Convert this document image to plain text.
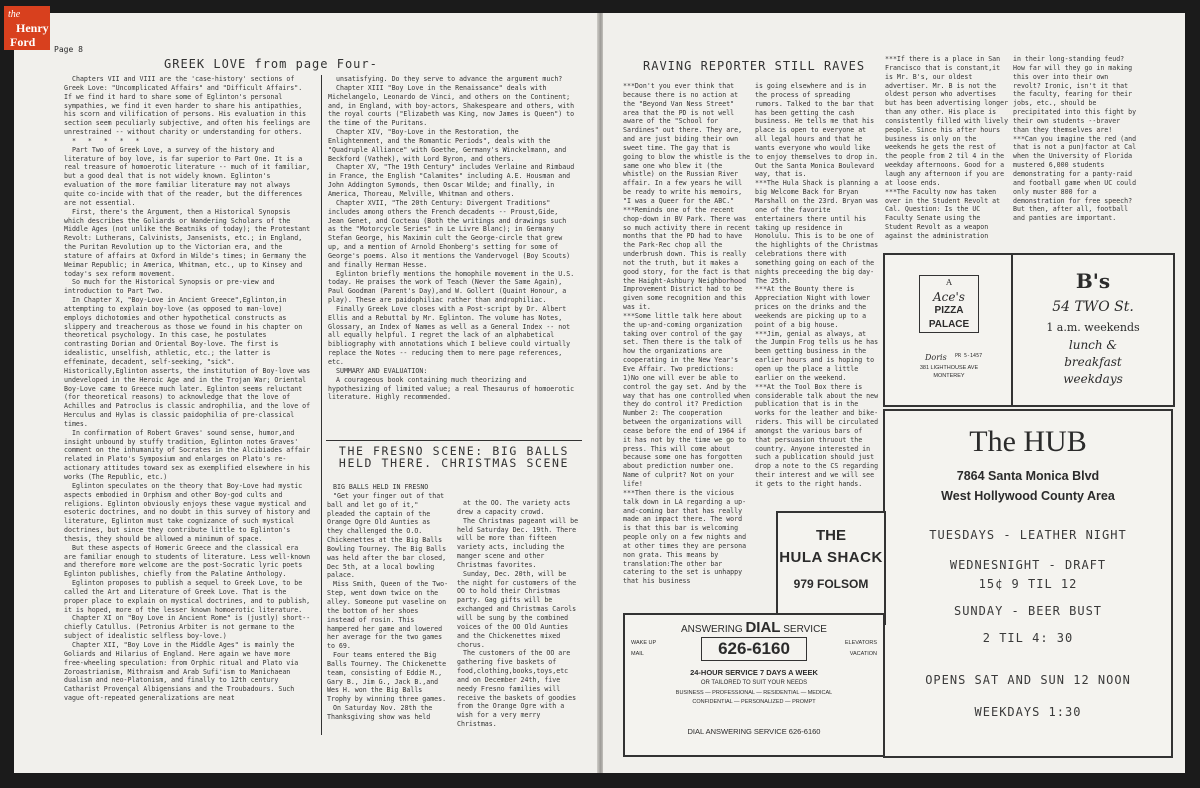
the
Henry
Ford
Page 8
GREEK LOVE from page Four-
Chapters VII and VIII are the 'case-history' sections of Greek Love: "Uncomplicated Affairs" and "Difficult Affairs". If we find it hard to share some of Eglinton's personal sympathies, we find it even harder to share his antipathies, his scorn and vilification of persons. His evaluation in this section seem peculiarly subjective, and often his feelings are unrestrained -- without charity or understanding for others.
*   *   *   *   *
Part Two of Greek Love, a survey of the history and literature of boy love, is far superior to Part One. It is a real treasure of homoerotic literature -- much of it familiar, but a good deal that is not widely known. Eglinton's evaluation of the more familiar literature may not always quite co-incide with that of the reader, but the differences are not essential.
First, there's the Argument, then a Historical Synopsis which describes the Goliards or Wandering Scholars of the Middle Ages (not unlike the Beatniks of today); the Protestant Revolt: Lutherans, Calvinists, Jansenists, etc.; in England, the Puritan Revolution up to the Victorian era, and the stature of affairs at Oxford in Wilde's times; in Germany the Weimar Republic; in America, Whitman, etc., up to Kinsey and today's sex reform movement.
So much for the Historical Synopsis or pre-view and introduction to Part Two.
In Chapter X, "Boy-Love in Ancient Greece",Eglinton,in attempting to explain boy-love (as opposed to man-love) employs dichotomies and other hypothetical constructs as slippery and treacherous as those we found in his chapter on theoretical psychology. In this case, he postulates contrasting Dorian and Oriental Boy-love. The first is idealistic, unselfish, athletic, etc.; the latter is effeminate, decadent, self-seeking, "sick". Historically,Eglinton asserts, the institution of Boy-love was undeveloped in the Heroic Age and in the Trojan War; Oriental Boy-Love came to Greece much later. Eglinton seems reluctant (for theoretical reasons) to acknowledge that the love of Achilles and Patroclus is classic androphilia, and the love of Herculus and Hylas is classic paidophilia of pre-classical times.
In confirmation of Robert Graves' sound sense, humor,and insight unbound by stuffy tradition, Eglinton notes Graves' comment on the inhumanity of Socrates in the Alcibiades affair related in Plato's Symposium and enlarges on Plato's re-actionary attitudes toward sex as exemplified elsewhere in his works (The Republic, etc.)
Eglinton speculates on the theory that Boy-Love had mystic aspects embodied in Orphism and other Boy-god cults and religions. Eglinton obviously enjoys these vague mystical and esoteric doctrines, and no doubt in this survey of history and literature, Eglinton must take cognizance of such mystical doctrines, but since they contribute little to Eglinton's thesis, they should be allowed a minimum of space.
But these aspects of Homeric Greece and the classical era are familiar enough to students of literature. Less well-known and therefore more welcome are the post-Socratic lyric poets Eglinton publishes, chiefly from the Palatine Anthology.
Eglinton proposes to publish a sequel to Greek Love, to be called the Art and Literature of Greek Love. That is the proper place to explain on mystical doctrines, and to publish, it is hoped, more of the lesser known homoerotic literature.
Chapter XI on "Boy Love in Ancient Rome" is (justly) short--chiefly Catullus. (Petronius Arbiter is not germane to the subject of idealistic selfless boy-love.)
Chapter XII, "Boy Love in the Middle Ages" is mainly the Goliards and Hilarius of England. Here again we have more free-wheeling speculation: from Orphic ritual and Plato via Zoroastrianism, Mithraism and Arab Sufi'ism to Manichaean dualism and neo-Platonism, and finally to 12th century Catharist Provençal Albigensians and the Troubadours. Such vague oft-repeated generalizations are neat
unsatisfying. Do they serve to advance the argument much?
Chapter XIII "Boy Love in the Renaissance" deals with Michelangelo, Leonardo de Vinci, and others on the Continent; and, in England, with boy-actors, Shakespeare and others, with the royal courts ("Elizabeth was King, now James is Queen") to the time of the Puritans.
Chapter XIV, "Boy-Love in the Restoration, the Enlightenment, and the Romantic Periods", deals with the "Quadruple Alliance" with Goethe, Germany's Winckelmann, and Beckford (Vathek), with Lord Byron, and others.
Chapter XV, "The 19th Century" includes Verlaine and Rimbaud in France, the English "Calamites" including A.E. Housman and John Addington Symonds, then Oscar Wilde; and finally, in America, Thoreau, Melville, Whitman and others.
Chapter XVII, "The 20th Century: Divergent Traditions" includes among others the French decadents -- Proust,Gide, Jean Genet, and Cocteau (Both the writings and drawings such as the "Motorcycle Series" in Le Livre Blanc); in Germany Stefan George, his Maximin cult the George-circle that grew up, and a mention of Arnold Ehonberg's setting for some of George's poems. Also it mentions the Vandervogel (Boy Scouts) and finally Herman Hesse.
Eglinton briefly mentions the homophile movement in the U.S. today. He praises the work of Teach (Never the Same Again), Paul Goodman (Parent's Day),and W. Gollert (Quaint Honour, a play). These are paidophiliac rather than androphiliac.
Finally Greek Love closes with a Post-script by Dr. Albert Ellis and a Rebuttal by Mr. Eglinton. The volume has Notes, Glossary, an Index of Names as well as a General Index -- not all equally helpful. I regret the lack of an alphabetical bibliography with annotations which I believe could virtually replace the Notes -- reducing them to mere page references, etc.
SUMMARY AND EVALUATION:
A courageous book containing much theorizing and hypothesizing of limited value; a real Thesaurus of homoerotic literature. Highly recommended.
THE FRESNO SCENE: BIG BALLS HELD THERE. CHRISTMAS SCENE
BIG BALLS HELD IN FRESNO
"Get your finger out of that ball and let go of it," pleaded the captain of the Orange Ogre Old Aunties as they challenged the O.O. Chickenettes at the Big Balls Bowling Tourney. The Big Balls was held after the bar closed, Dec 5th, at a local bowling palace.
Miss Smith, Queen of the Two-Step, went down twice on the alley. Someone put vaseline on the bottom of her shoes instead of rosin. This hampered her game and lowered her average for the two games to 69.
Four teams entered the Big Balls Tourney. The Chickenette team, consisting of Eddie M., Gary B., Jim G., Jack B.,and Wes H. won the Big Balls Trophy by winning three games.
On Saturday Nov. 28th the Thanksgiving show was held
at the OO. The variety acts drew a capacity crowd.
The Christmas pageant will be held Saturday Dec. 19th. There will be more than fifteen variety acts, including the manger scene and other Christmas favorites.
Sunday, Dec. 20th, will be the night for customers of the OO to hold their Christmas party. Gag gifts will be exchanged and Christmas Carols will be sung by the combined voices of the OO Old Aunties and the Chickenettes mixed chorus.
The customers of the OO are gathering five baskets of food,clothing,books,toys,etc and on December 24th, five needy Fresno families will receive the baskets of goodies from the Orange Ogre with a wish for a very merry Christmas.
RAVING REPORTER STILL RAVES
***Don't you ever think that because there is no action at the "Beyond Van Ness Street" area that the PD is not well aware of the "School for Sardines" out there. They are, and are just biding their own sweet time. The gay that is going to blow the whistle is the same one who blew it (the whistle) on the Russian River affair. In a few years he will be ready to write his memoirs, "I was a Queer for the ABC."
***Reminds one of the recent chop-down in BV Park. There was so much activity there in recent months that the PD had to have the Park-Rec chop all the underbrush down. This is really not the truth, but it makes a good story, for the fact is that the Haight-Ashbury Neighborhood Improvement District had to be given some recognition and this was it.
***Some little talk here about the up-and-coming organization taking over control of the gay set. Then there is the talk of how the organizations are cooperating in the New Year's Eve Affair. Two predictions: 1)No one will ever be able to control the gay set. And by the way that has one controlled when they do control it? Prediction Number 2: The cooperation between the organizations will cease before the end of 1964 if it has not by the time we go to press. This will come about because some one has forgotten about prediction number one. Name of culprit? Not on your life!
***Then there is the vicious talk down in LA regarding a up-and-coming bar that has really made an impact there. The word is that this bar is welcoming people only on a few nights and at other times they are persona non grata. This means by translation:The other bar catering to the set is unhappy that his business
is going elsewhere and is in the process of spreading rumors. Talked to the bar that has been getting the cash business. He tells me that his place is open to everyone at all legal hours and that he wants everyone who would like to enjoy themselves to drop in. Out the Santa Monica Boulevard way, that is.
***The Hula Shack is planning a big Welcome Back for Bryan Marshall on the 23rd. Bryan was one of the favorite entertainers there until his taking up residence in Honolulu. This is to be one of the highlights of the Christmas celebrations there with something going on each of the nights preceeding the big day-The 25th.
***At the Bounty there is Appreciation Night with lower prices on the drinks and the weekends are picking up to a point of a big house.
***Jim, genial as always, at the Jumpin Frog tells us he has been getting business in the earlier hours and is hoping to open up the place a little earlier on the weekend.
***At the Tool Box there is considerable talk about the new publication that is in the works for the leather and bike-riders. This will be circulated amongst the various bars of that persuasion thruout the country. Anyone interested in such a publication should just drop a note to the CS regarding their interest and we will see it gets to the right hands.
***If there is a place in San Francisco that is constant,it is Mr. B's, our oldest advertiser. Mr. B is not the oldest person who advertises but has been advertising longer than any other. His place is consistently filled with lively people. Since his after hours business is only on the weekends he gets the rest of the people from 2 til 4 in the weekday afternoons. Good for a laugh any afternoon if you are at loose ends.
***The Faculty now has taken over in the Student Revolt at Cal. Question: Is the UC Faculty Senate using the Student Revolt as a weapon against the administration
in their long-standing feud? How far will they go in making this over into their own revolt? Ironic, isn't it that the faculty, fearing for their jobs, etc., should be precipitated into this fight by their own students --braver than they themselves are!
***Can you imagine the red (and that is not a pun)factor at Cal when the University of Florida mustered 6,000 students demonstrating for a panty-raid and football game when UC could only muster 800 for a demonstration for free speech? But then, after all, football and panties are important.
A
Ace's
PIZZA
PALACE
Doris PR 5-1457
381 LIGHTHOUSE AVE
MONTEREY
B's
54 TWO St.
1 a.m. weekends
lunch &
breakfast
weekdays
The HUB
7864 Santa Monica Blvd
West Hollywood County Area
TUESDAYS - LEATHER NIGHT
WEDNESNIGHT - DRAFT
15¢ 9 TIL 12
SUNDAY - BEER BUST
2 TIL 4: 30
OPENS SAT AND SUN 12 NOON
WEEKDAYS 1:30
THE
HULA SHACK
979 FOLSOM
ANSWERING DIAL SERVICE
WAKE UP
MAIL
ELEVATORS
VACATION
626-6160
24-HOUR SERVICE 7 DAYS A WEEK
OR TAILORED TO SUIT YOUR NEEDS
BUSINESS — PROFESSIONAL — RESIDENTIAL — MEDICAL
CONFIDENTIAL — PERSONALIZED — PROMPT
DIAL ANSWERING SERVICE 626-6160
